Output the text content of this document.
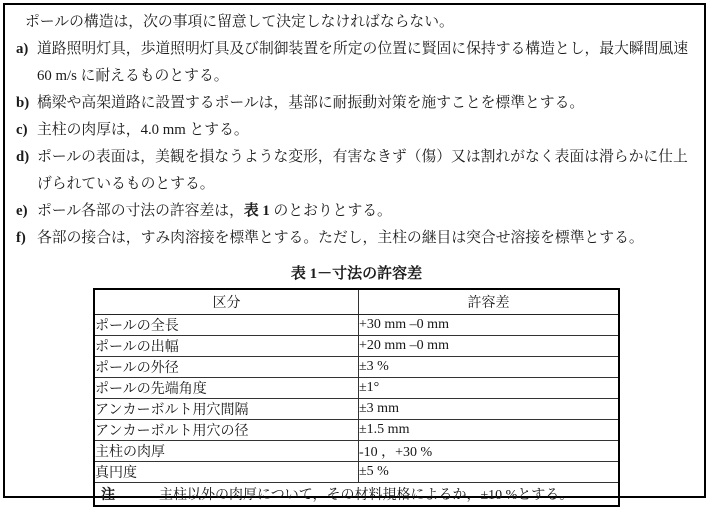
ポールの構造は，次の事項に留意して決定しなければならない。

a) 道路照明灯具，歩道照明灯具及び制御装置を所定の位置に賢固に保持する構造とし，最大瞬間風速 60 m/s に耐えるものとする。
b) 橋梁や高架道路に設置するポールは，基部に耐振動対策を施すことを標準とする。
c) 主柱の肉厚は，4.0 mm とする。
d) ポールの表面は，美観を損なうような変形，有害なきず（傷）又は割れがなく表面は滑らかに仕上げられているものとする。
e) ポール各部の寸法の許容差は，表 1 のとおりとする。
f) 各部の接合は，すみ肉溶接を標準とする。ただし，主柱の継目は突合せ溶接を標準とする。
表 1－寸法の許容差
区分	許容差
ポールの全長	+30 mm –0 mm
ポールの出幅	+20 mm –0 mm
ポールの外径	±3 %
ポールの先端角度	±1°
アンカーボルト用穴間隔	±3 mm
アンカーボルト用穴の径	±1.5 mm
主柱の肉厚	-10 ，+30 %
真円度	±5 %
注 主柱以外の肉厚について，その材料規格によるか，±10 %とする。	
